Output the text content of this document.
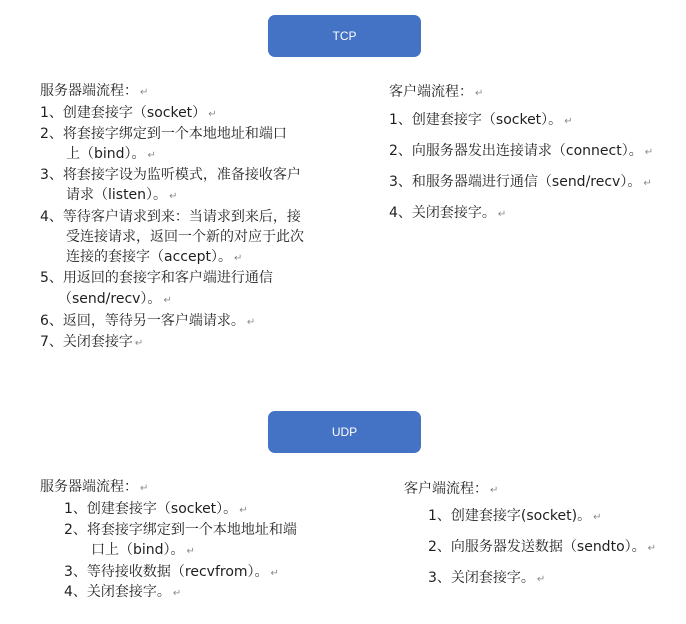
TCP
服务器端流程： ↵
1、创建套接字（socket） ↵
2、将套接字绑定到一个本地地址和端口
上（bind）。 ↵
3、将套接字设为监听模式，准备接收客户
请求（listen）。 ↵
4、等待客户请求到来：当请求到来后，接
受连接请求，返回一个新的对应于此次
连接的套接字（accept）。 ↵
5、用返回的套接字和客户端进行通信
（send/recv）。 ↵
6、返回，等待另一客户端请求。 ↵
7、关闭套接字 ↵
客户端流程： ↵
1、创建套接字（socket）。 ↵
2、向服务器发出连接请求（connect）。 ↵
3、和服务器端进行通信（send/recv）。 ↵
4、关闭套接字。 ↵
UDP
服务器端流程： ↵
1、创建套接字（socket）。 ↵
2、将套接字绑定到一个本地地址和端
口上（bind）。 ↵
3、等待接收数据（recvfrom）。 ↵
4、关闭套接字。 ↵
客户端流程： ↵
1、创建套接字(socket)。 ↵
2、向服务器发送数据（sendto）。 ↵
3、关闭套接字。 ↵
